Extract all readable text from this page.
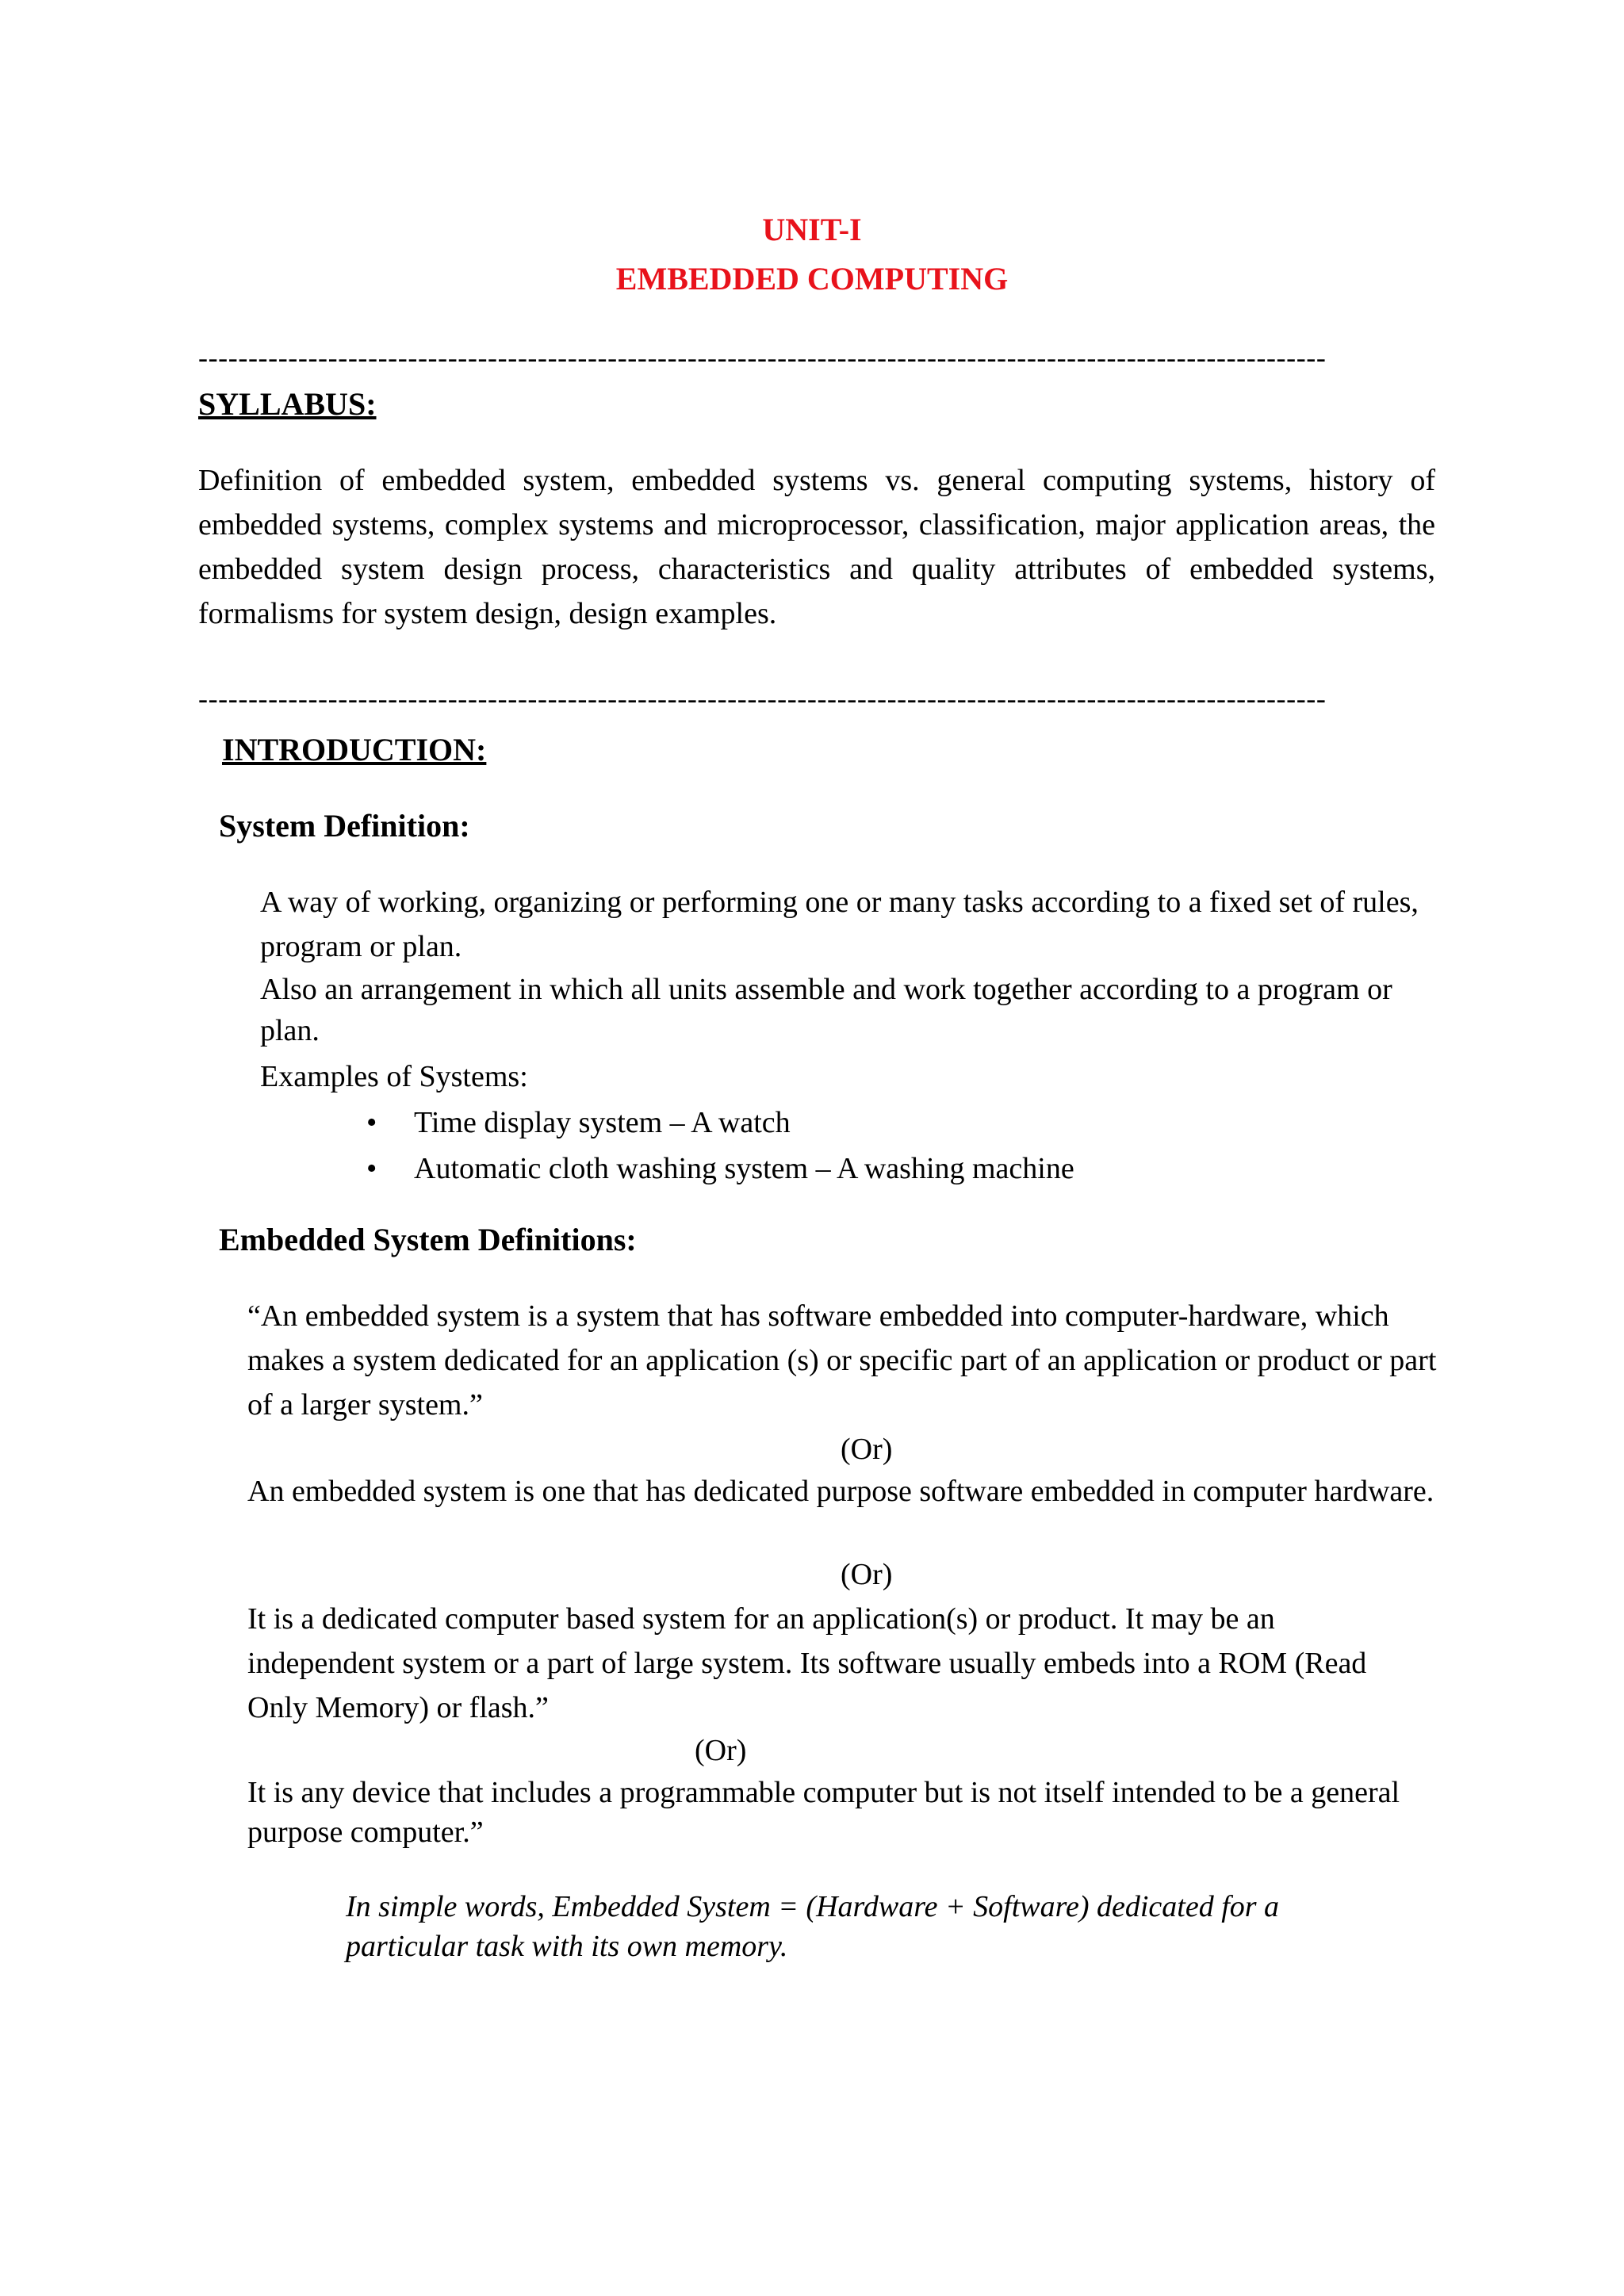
UNIT-I
EMBEDDED COMPUTING
-----------------------------------------------------------------------------------------------------------------
SYLLABUS:
Definition of embedded system, embedded systems vs. general computing systems, history of embedded systems, complex systems and microprocessor, classification, major application areas, the embedded system design process, characteristics and quality attributes of embedded systems, formalisms for system design, design examples.
-----------------------------------------------------------------------------------------------------------------
INTRODUCTION:
System Definition:
A way of working, organizing or performing one or many tasks according to a fixed set of rules, program or plan.
Also an arrangement in which all units assemble and work together according to a program or plan.
Examples of Systems:
• Time display system – A watch
• Automatic cloth washing system – A washing machine
Embedded System Definitions:
“An embedded system is a system that has software embedded into computer-hardware, which makes a system dedicated for an application (s) or specific part of an application or product or part of a larger system.”
(Or)
An embedded system is one that has dedicated purpose software embedded in computer hardware.
(Or)
It is a dedicated computer based system for an application(s) or product. It may be an independent system or a part of large system. Its software usually embeds into a ROM (Read Only Memory) or flash.”
(Or)
It is any device that includes a programmable computer but is not itself intended to be a general purpose computer.”
In simple words, Embedded System = (Hardware + Software) dedicated for a particular task with its own memory.
